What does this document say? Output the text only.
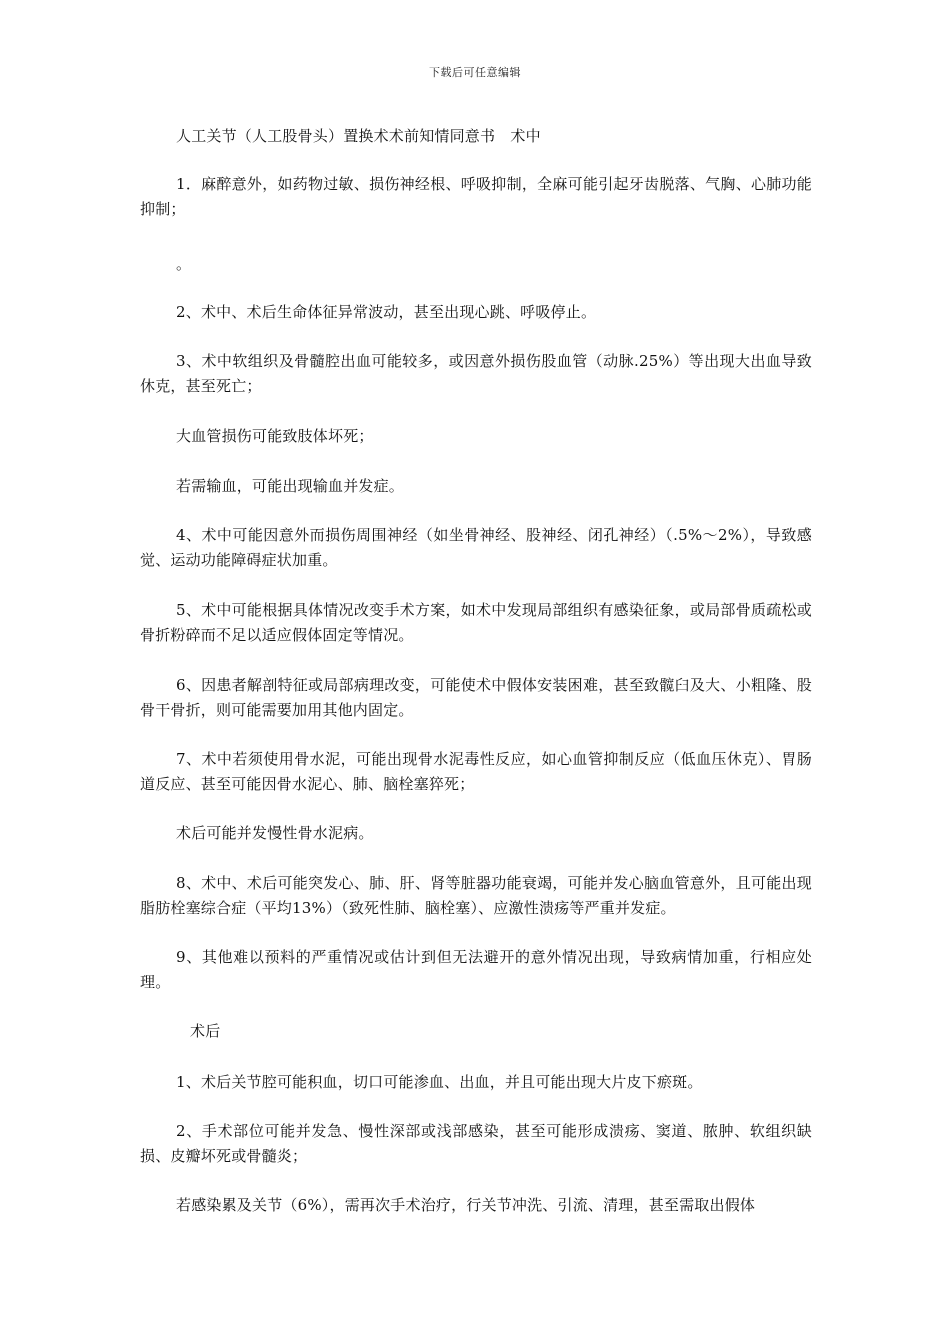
下载后可任意编辑

人工关节（人工股骨头）置换术术前知情同意书　术中

1．麻醉意外，如药物过敏、损伤神经根、呼吸抑制，全麻可能引起牙齿脱落、气胸、心肺功能抑制；

。

2、术中、术后生命体征异常波动，甚至出现心跳、呼吸停止。

3、术中软组织及骨髓腔出血可能较多，或因意外损伤股血管（动脉.25%）等出现大出血导致休克，甚至死亡；

大血管损伤可能致肢体坏死；

若需输血，可能出现输血并发症。

4、术中可能因意外而损伤周围神经（如坐骨神经、股神经、闭孔神经）（.5%～2%），导致感觉、运动功能障碍症状加重。

5、术中可能根据具体情况改变手术方案，如术中发现局部组织有感染征象，或局部骨质疏松或骨折粉碎而不足以适应假体固定等情况。

6、因患者解剖特征或局部病理改变，可能使术中假体安装困难，甚至致髋臼及大、小粗隆、股骨干骨折，则可能需要加用其他内固定。

7、术中若须使用骨水泥，可能出现骨水泥毒性反应，如心血管抑制反应（低血压休克）、胃肠道反应、甚至可能因骨水泥心、肺、脑栓塞猝死；

术后可能并发慢性骨水泥病。

8、术中、术后可能突发心、肺、肝、肾等脏器功能衰竭，可能并发心脑血管意外，且可能出现脂肪栓塞综合症（平均13%）（致死性肺、脑栓塞）、应激性溃疡等严重并发症。

9、其他难以预料的严重情况或估计到但无法避开的意外情况出现，导致病情加重，行相应处理。

术后

1、术后关节腔可能积血，切口可能渗血、出血，并且可能出现大片皮下瘀斑。

2、手术部位可能并发急、慢性深部或浅部感染，甚至可能形成溃疡、窦道、脓肿、软组织缺损、皮瓣坏死或骨髓炎；

若感染累及关节（6%），需再次手术治疗，行关节冲洗、引流、清理，甚至需取出假体
